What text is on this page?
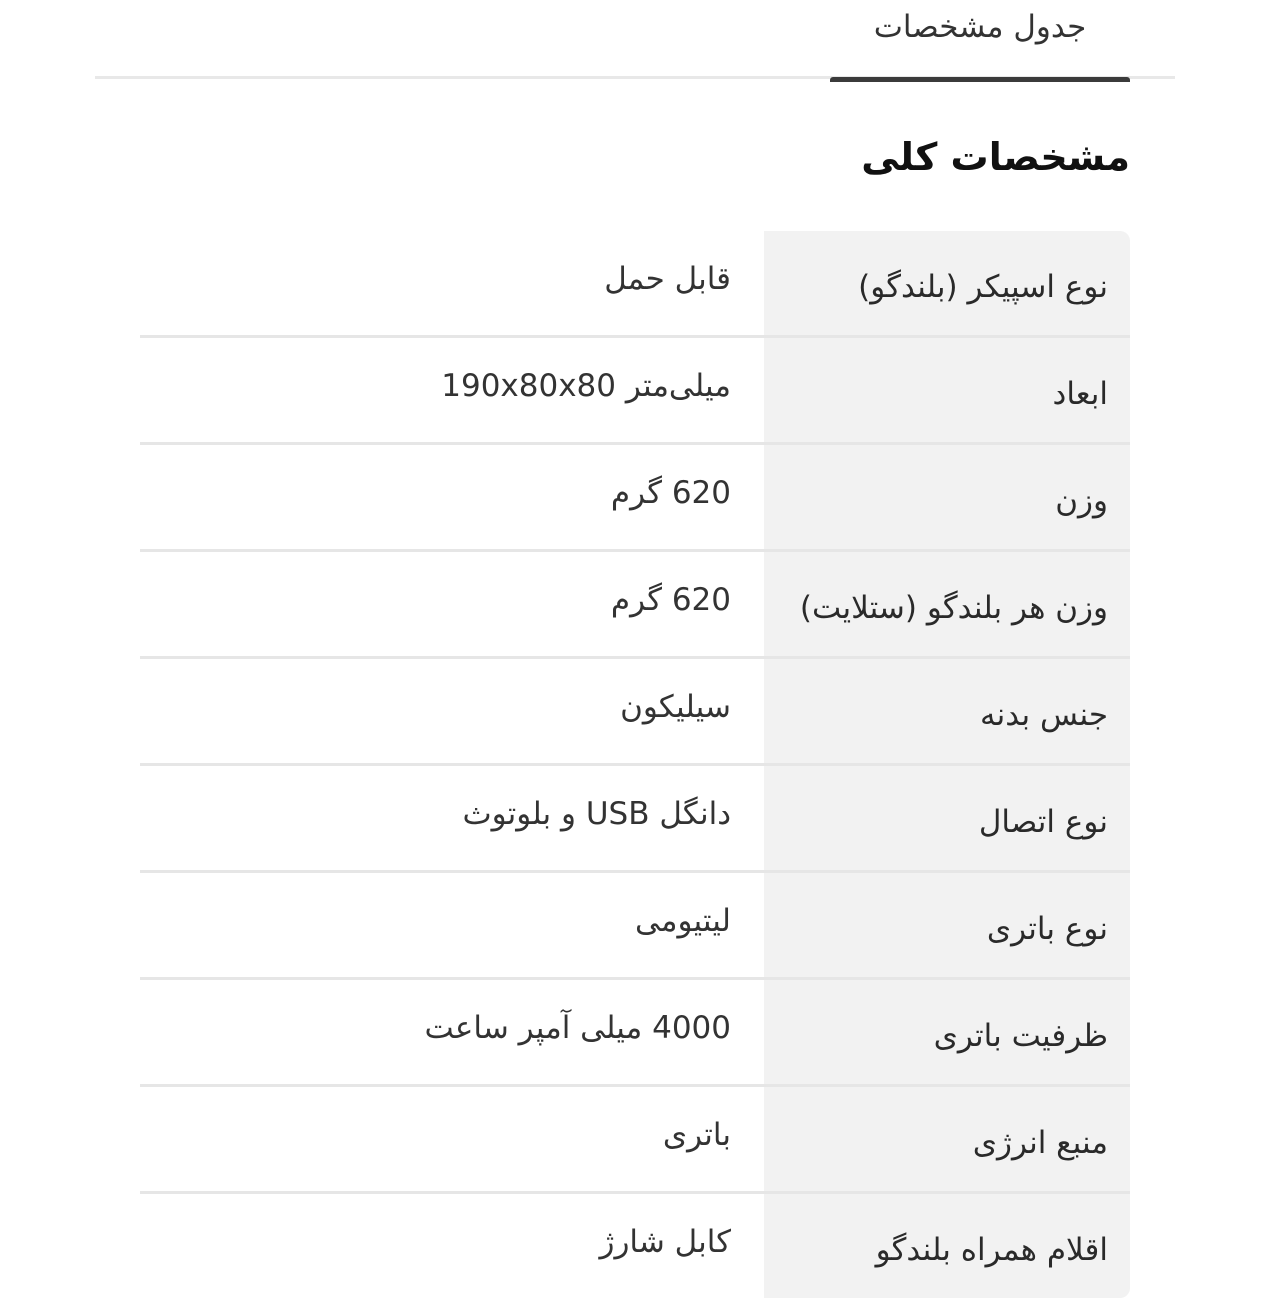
جدول مشخصات
مشخصات کلی
نوع اسپیکر (بلندگو)
قابل حمل
ابعاد
میلی‌متر 190x80x80
وزن
620 گرم
وزن هر بلندگو (ستلایت)
620 گرم
جنس بدنه
سیلیکون
نوع اتصال
دانگل USB و بلوتوث
نوع باتری
لیتیومی
ظرفیت باتری
4000 میلی آمپر ساعت
منبع انرژی
باتری
اقلام همراه بلندگو
کابل شارژ
